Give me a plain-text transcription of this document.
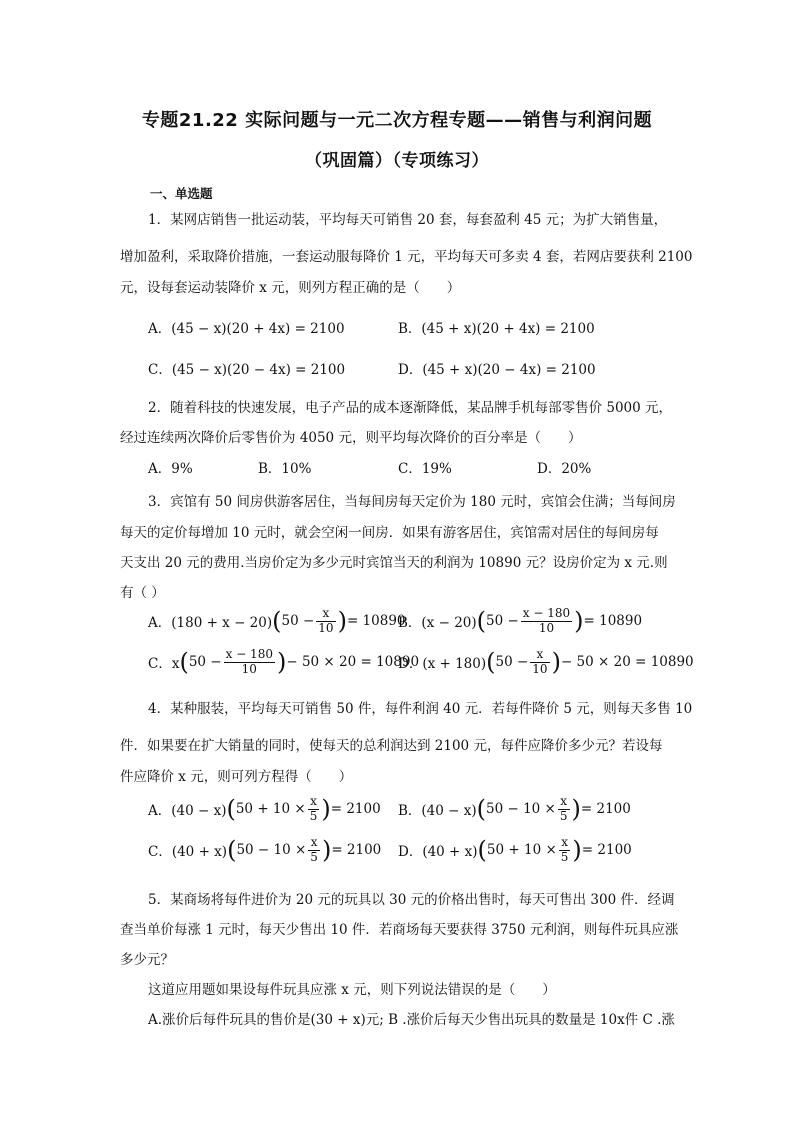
专题21.22 实际问题与一元二次方程专题——销售与利润问题
（巩固篇）（专项练习）
一、单选题
1．某网店销售一批运动装，平均每天可销售 20 套，每套盈利 45 元；为扩大销售量，
增加盈利，采取降价措施，一套运动服每降价 1 元，平均每天可多卖 4 套，若网店要获利 2100
元，设每套运动装降价 x 元，则列方程正确的是（　　）
A．(45 − x)(20 + 4x) = 2100	B．(45 + x)(20 + 4x) = 2100
C．(45 − x)(20 − 4x) = 2100	D．(45 + x)(20 − 4x) = 2100
2．随着科技的快速发展，电子产品的成本逐渐降低，某品牌手机每部零售价 5000 元，
经过连续两次降价后零售价为 4050 元，则平均每次降价的百分率是（　　）
A．9%	B．10%	C．19%	D．20%
3．宾馆有 50 间房供游客居住，当每间房每天定价为 180 元时，宾馆会住满；当每间房
每天的定价每增加 10 元时，就会空闲一间房．如果有游客居住，宾馆需对居住的每间房每
天支出 20 元的费用.当房价定为多少元时宾馆当天的利润为 10890 元？设房价定为 x 元.则
有（ ）
A．(180 + x − 20) ( $50 - \frac{x}{10}$ ) = 10890
B．(x − 20) ( $50 - \frac{x - 180}{10}$ ) = 10890
C．x ( $50 - \frac{x - 180}{10}$ ) − 50 × 20 = 10890
D．(x + 180) ( $50 - \frac{x}{10}$ ) − 50 × 20 = 10890
4．某种服装，平均每天可销售 50 件，每件利润 40 元．若每件降价 5 元，则每天多售 10
件．如果要在扩大销量的同时，使每天的总利润达到 2100 元，每件应降价多少元？若设每
件应降价 x 元，则可列方程得（　　）
A．(40 − x) ( $50 + 10 \times \frac{x}{5}$ ) = 2100 B．(40 − x) ( $50 - 10 \times \frac{x}{5}$ ) = 2100
C．(40 + x) ( $50 - 10 \times \frac{x}{5}$ ) = 2100 D．(40 + x) ( $50 + 10 \times \frac{x}{5}$ ) = 2100
5．某商场将每件进价为 20 元的玩具以 30 元的价格出售时，每天可售出 300 件．经调
查当单价每涨 1 元时，每天少售出 10 件．若商场每天要获得 3750 元利润，则每件玩具应涨
多少元？
这道应用题如果设每件玩具应涨 x 元，则下列说法错误的是（　　）
A.涨价后每件玩具的售价是(30 + x)元; B .涨价后每天少售出玩具的数量是 10x件 C .涨
